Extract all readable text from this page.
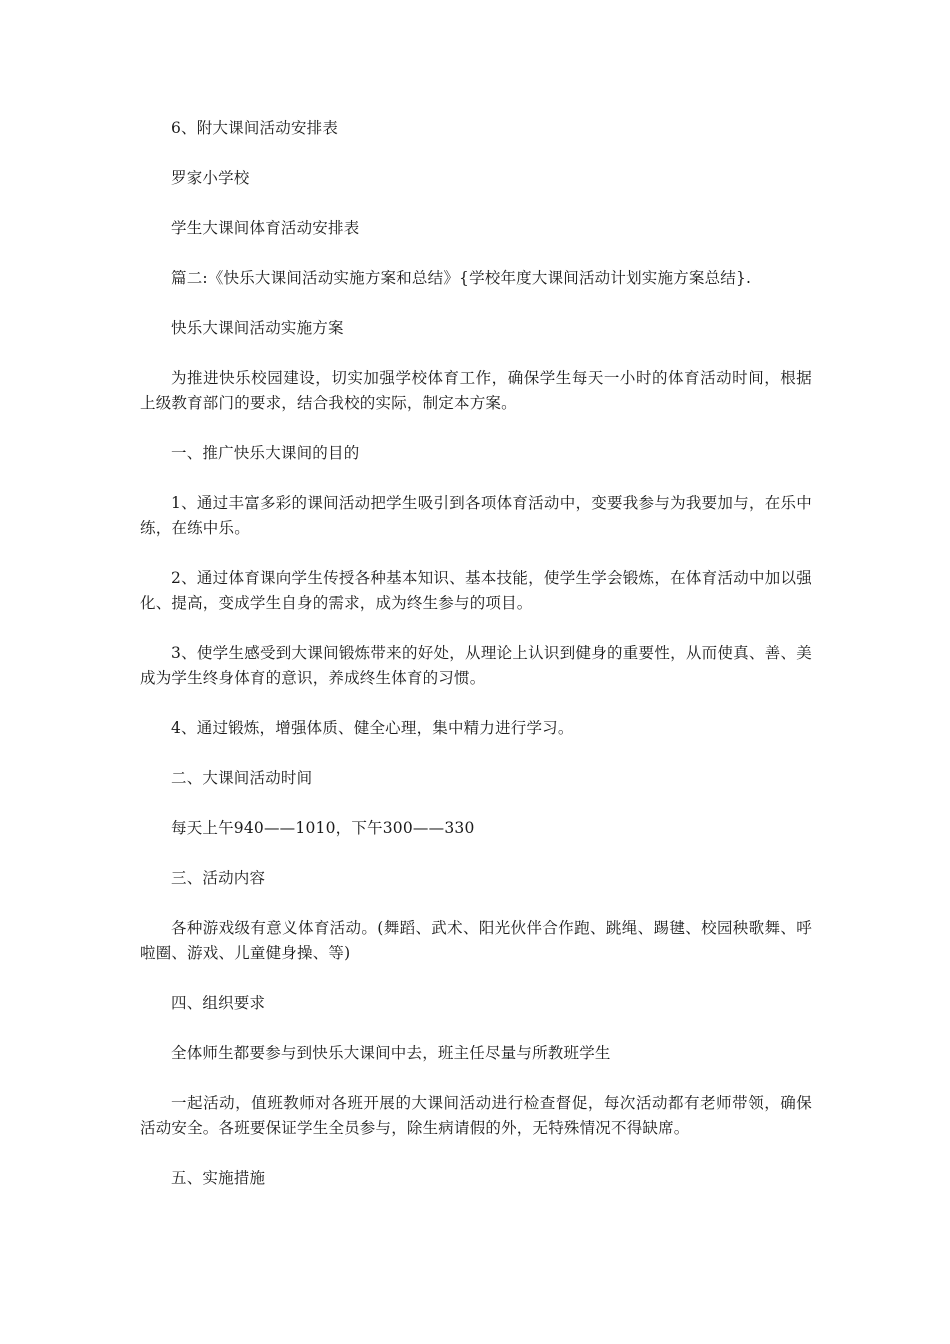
6、附大课间活动安排表

罗家小学校

学生大课间体育活动安排表

篇二:《快乐大课间活动实施方案和总结》{学校年度大课间活动计划实施方案总结}.

快乐大课间活动实施方案

为推进快乐校园建设，切实加强学校体育工作，确保学生每天一小时的体育活动时间，根据上级教育部门的要求，结合我校的实际，制定本方案。

一、推广快乐大课间的目的

1、通过丰富多彩的课间活动把学生吸引到各项体育活动中，变要我参与为我要加与，在乐中练，在练中乐。

2、通过体育课向学生传授各种基本知识、基本技能，使学生学会锻炼，在体育活动中加以强化、提高，变成学生自身的需求，成为终生参与的项目。

3、使学生感受到大课间锻炼带来的好处，从理论上认识到健身的重要性，从而使真、善、美成为学生终身体育的意识，养成终生体育的习惯。

4、通过锻炼，增强体质、健全心理，集中精力进行学习。

二、大课间活动时间

每天上午940——1010，下午300——330

三、活动内容

各种游戏级有意义体育活动。(舞蹈、武术、阳光伙伴合作跑、跳绳、踢毽、校园秧歌舞、呼啦圈、游戏、儿童健身操、等)

四、组织要求

全体师生都要参与到快乐大课间中去，班主任尽量与所教班学生

一起活动，值班教师对各班开展的大课间活动进行检查督促，每次活动都有老师带领，确保活动安全。各班要保证学生全员参与，除生病请假的外，无特殊情况不得缺席。

五、实施措施
